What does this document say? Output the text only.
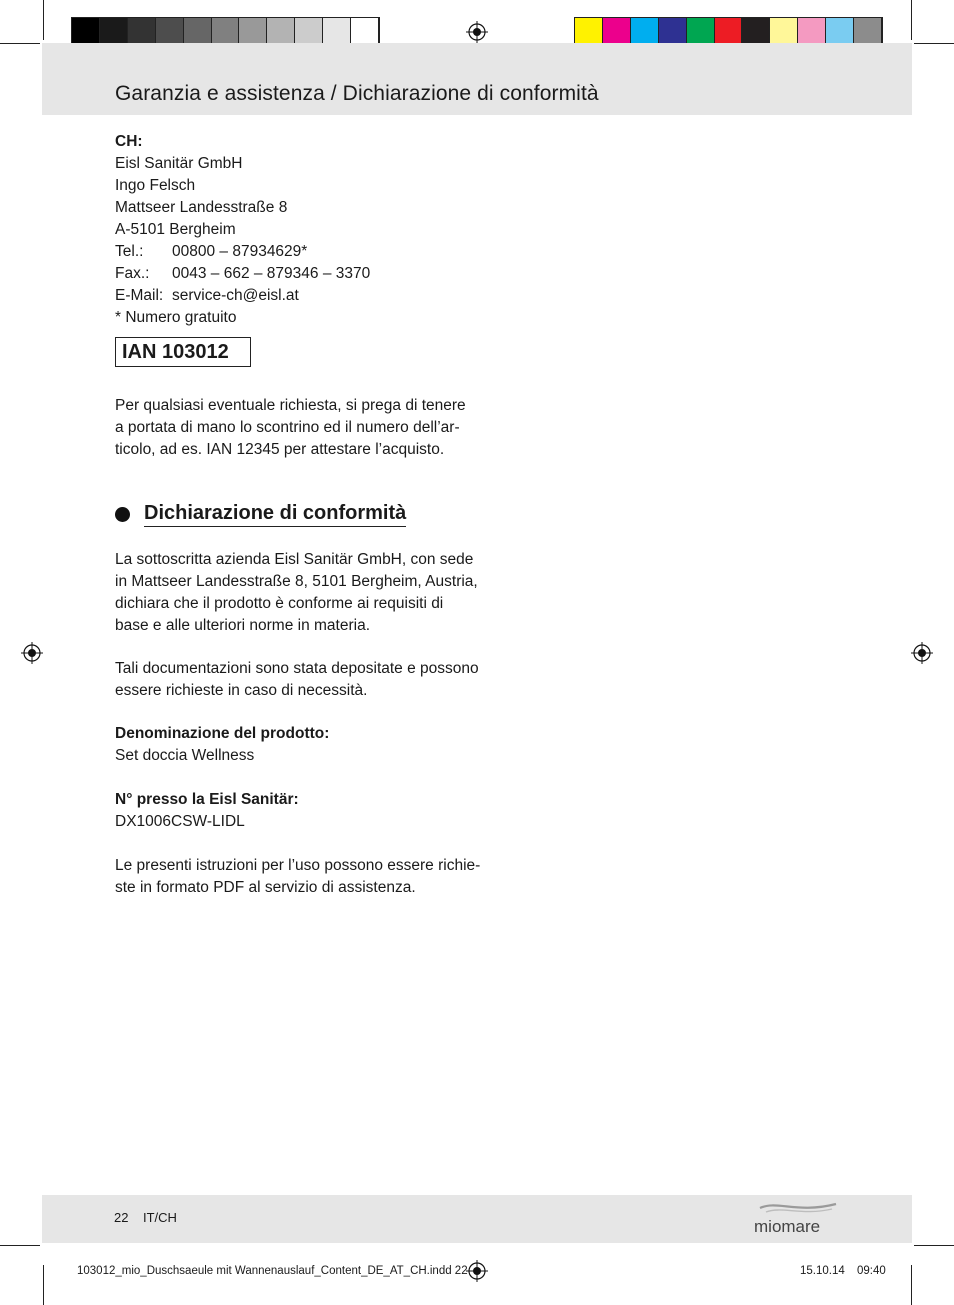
Garanzia e assistenza / Dichiarazione di conformità
CH:
Eisl Sanitär GmbH
Ingo Felsch
Mattseer Landesstraße 8
A-5101 Bergheim
Tel.: 00800 – 87934629*
Fax.: 0043 – 662 – 879346 – 3370
E-Mail: service-ch@eisl.at
* Numero gratuito
IAN 103012
Per qualsiasi eventuale richiesta, si prega di tenere
a portata di mano lo scontrino ed il numero dell’ar-
ticolo, ad es. IAN 12345 per attestare l’acquisto.
Dichiarazione di conformità
La sottoscritta azienda Eisl Sanitär GmbH, con sede
in Mattseer Landesstraße 8, 5101 Bergheim, Austria,
dichiara che il prodotto è conforme ai requisiti di
base e alle ulteriori norme in materia.
Tali documentazioni sono stata depositate e possono
essere richieste in caso di necessità.
Denominazione del prodotto:
Set doccia Wellness
N° presso la Eisl Sanitär:
DX1006CSW-LIDL
Le presenti istruzioni per l’uso possono essere richie-
ste in formato PDF al servizio di assistenza.
22 IT/CH	miomare
103012_mio_Duschsaeule mit Wannenauslauf_Content_DE_AT_CH.indd 22	15.10.14 09:40
